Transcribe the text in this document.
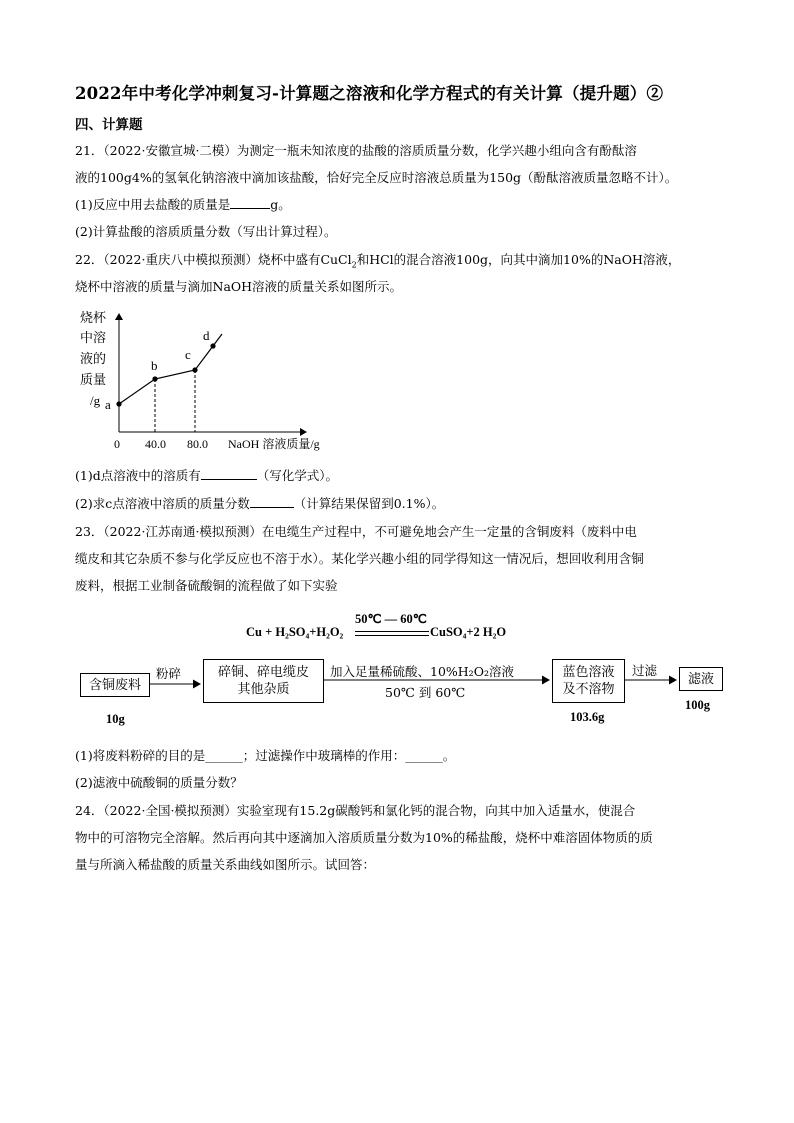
2022年中考化学冲刺复习-计算题之溶液和化学方程式的有关计算（提升题）②
四、计算题
21．（2022·安徽宣城·二模）为测定一瓶未知浓度的盐酸的溶质质量分数，化学兴趣小组向含有酚酞溶
液的100g4%的氢氧化钠溶液中滴加该盐酸，恰好完全反应时溶液总质量为150g（酚酞溶液质量忽略不计）。
(1)反应中用去盐酸的质量是	g。
(2)计算盐酸的溶质质量分数（写出计算过程）。
22．（2022·重庆八中模拟预测）烧杯中盛有CuCl$_2$和HCl的混合溶液100g，向其中滴加10%的NaOH溶液，
烧杯中溶液的质量与滴加NaOH溶液的质量关系如图所示。
烧杯
中溶
液的
质量
/g
0 40.0 80.0 NaOH 溶液质量/g
a
b
c
d
(1)d点溶液中的溶质有	（写化学式）。
(2)求c点溶液中溶质的质量分数	（计算结果保留到0.1%）。
23．（2022·江苏南通·模拟预测）在电缆生产过程中，不可避免地会产生一定量的含铜废料（废料中电
缆皮和其它杂质不参与化学反应也不溶于水）。某化学兴趣小组的同学得知这一情况后，想回收利用含铜
废料，根据工业制备硫酸铜的流程做了如下实验
50℃ — 60℃
Cu + H₂SO₄+H₂O₂	CuSO₄+2 H₂O
含铜废料
粉碎	碎铜、碎电缆皮
其他杂质
加入足量稀硫酸、10%H₂O₂溶液
50℃ 到 60℃
蓝色溶液
及不溶物
过滤
滤液
10g	103.6g
100g
(1)将废料粉碎的目的是______；过滤操作中玻璃棒的作用：______。
(2)滤液中硫酸铜的质量分数？
24．（2022·全国·模拟预测）实验室现有15.2g碳酸钙和氯化钙的混合物，向其中加入适量水，使混合
物中的可溶物完全溶解。然后再向其中逐滴加入溶质质量分数为10%的稀盐酸，烧杯中难溶固体物质的质
量与所滴入稀盐酸的质量关系曲线如图所示。试回答：
